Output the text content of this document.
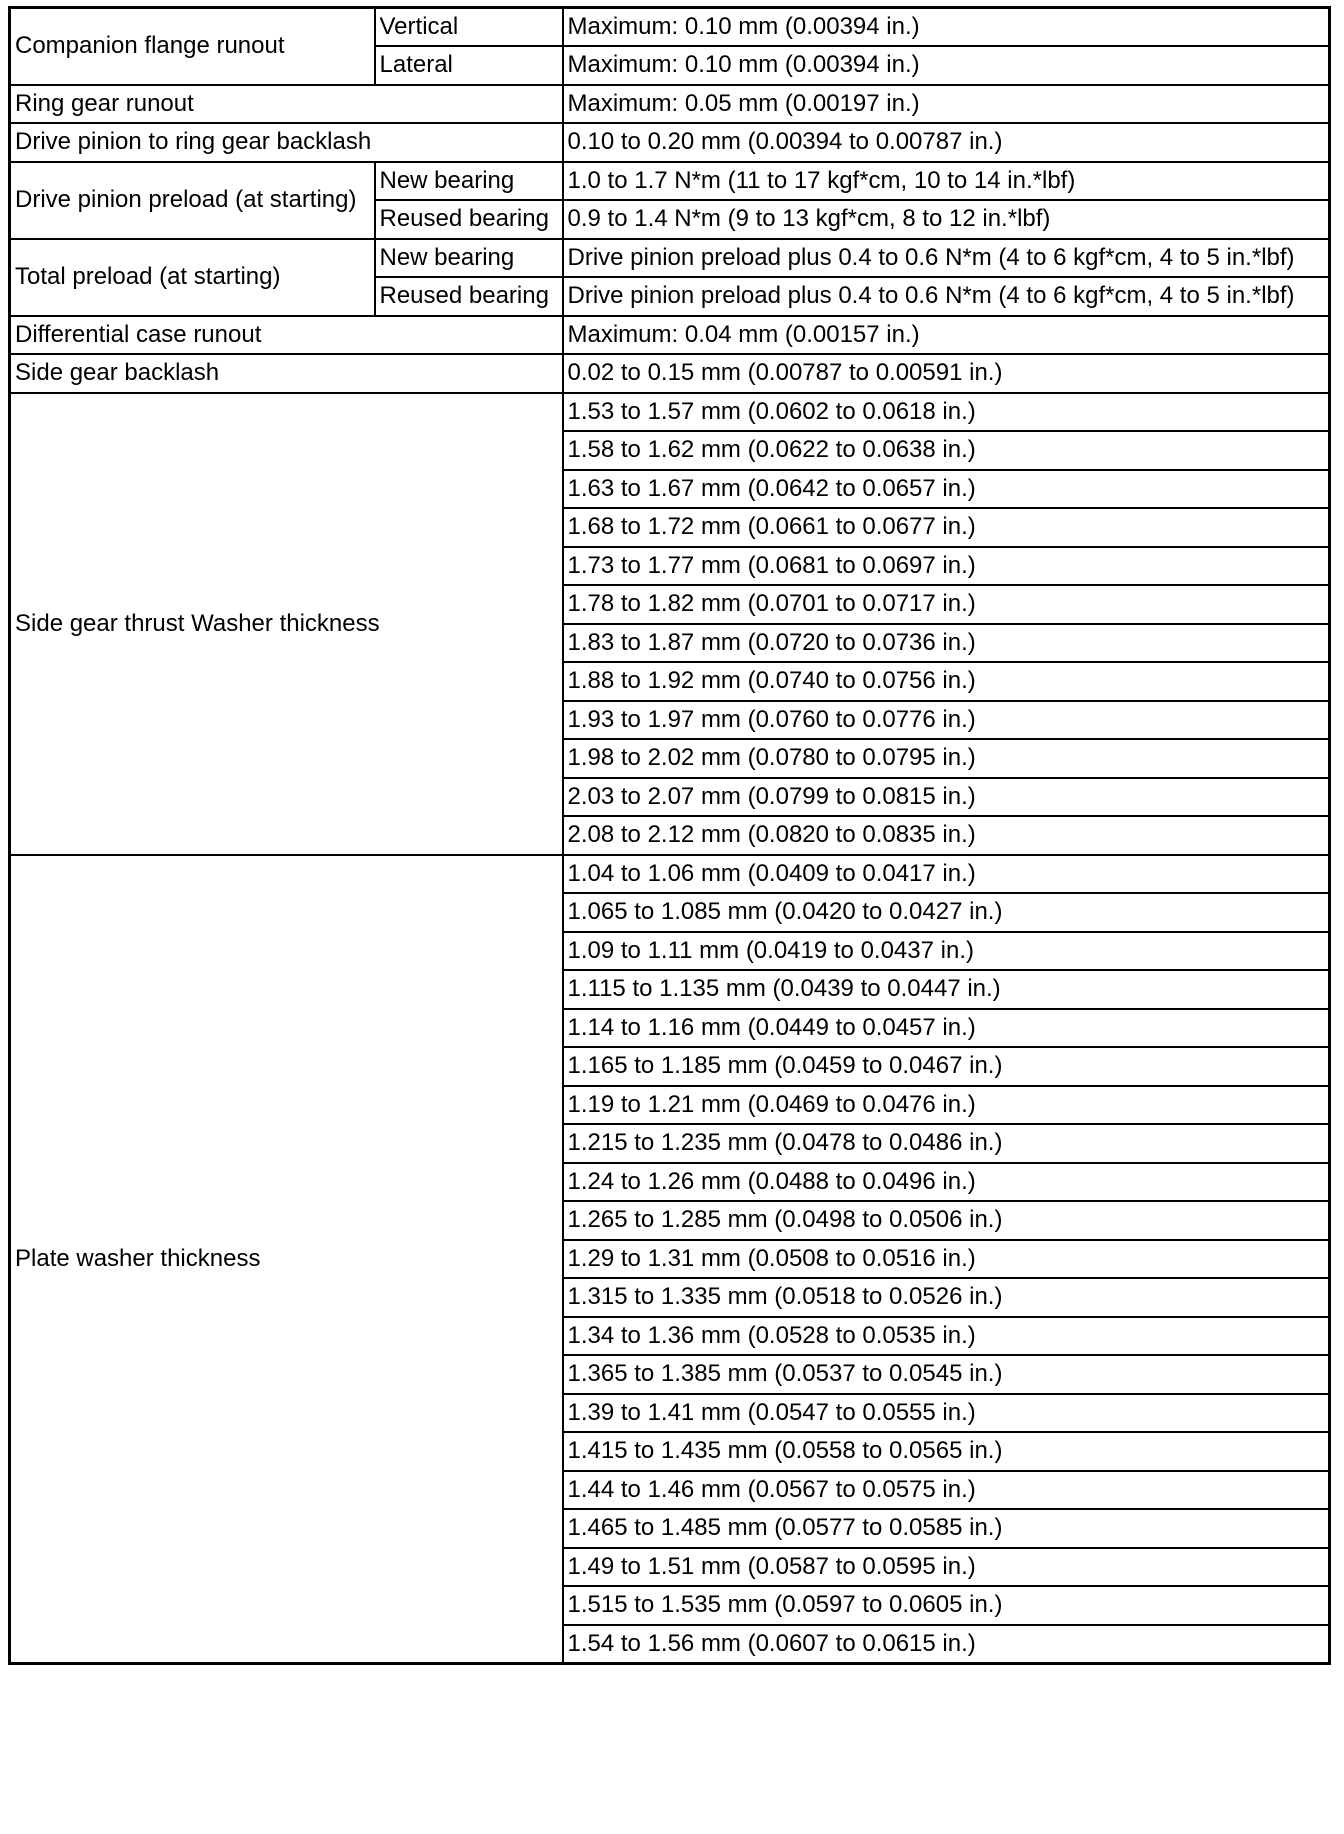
Companion flange runout	Vertical	Maximum: 0.10 mm (0.00394 in.)
	Lateral	Maximum: 0.10 mm (0.00394 in.)
Ring gear runout		Maximum: 0.05 mm (0.00197 in.)
Drive pinion to ring gear backlash		0.10 to 0.20 mm (0.00394 to 0.00787 in.)
Drive pinion preload (at starting)	New bearing	1.0 to 1.7 N*m (11 to 17 kgf*cm, 10 to 14 in.*lbf)
	Reused bearing	0.9 to 1.4 N*m (9 to 13 kgf*cm, 8 to 12 in.*lbf)
Total preload (at starting)	New bearing	Drive pinion preload plus 0.4 to 0.6 N*m (4 to 6 kgf*cm, 4 to 5 in.*lbf)
	Reused bearing	Drive pinion preload plus 0.4 to 0.6 N*m (4 to 6 kgf*cm, 4 to 5 in.*lbf)
Differential case runout		Maximum: 0.04 mm (0.00157 in.)
Side gear backlash		0.02 to 0.15 mm (0.00787 to 0.00591 in.)
Side gear thrust Washer thickness		1.53 to 1.57 mm (0.0602 to 0.0618 in.)
		1.58 to 1.62 mm (0.0622 to 0.0638 in.)
		1.63 to 1.67 mm (0.0642 to 0.0657 in.)
		1.68 to 1.72 mm (0.0661 to 0.0677 in.)
		1.73 to 1.77 mm (0.0681 to 0.0697 in.)
		1.78 to 1.82 mm (0.0701 to 0.0717 in.)
		1.83 to 1.87 mm (0.0720 to 0.0736 in.)
		1.88 to 1.92 mm (0.0740 to 0.0756 in.)
		1.93 to 1.97 mm (0.0760 to 0.0776 in.)
		1.98 to 2.02 mm (0.0780 to 0.0795 in.)
		2.03 to 2.07 mm (0.0799 to 0.0815 in.)
		2.08 to 2.12 mm (0.0820 to 0.0835 in.)
Plate washer thickness		1.04 to 1.06 mm (0.0409 to 0.0417 in.)
		1.065 to 1.085 mm (0.0420 to 0.0427 in.)
		1.09 to 1.11 mm (0.0419 to 0.0437 in.)
		1.115 to 1.135 mm (0.0439 to 0.0447 in.)
		1.14 to 1.16 mm (0.0449 to 0.0457 in.)
		1.165 to 1.185 mm (0.0459 to 0.0467 in.)
		1.19 to 1.21 mm (0.0469 to 0.0476 in.)
		1.215 to 1.235 mm (0.0478 to 0.0486 in.)
		1.24 to 1.26 mm (0.0488 to 0.0496 in.)
		1.265 to 1.285 mm (0.0498 to 0.0506 in.)
		1.29 to 1.31 mm (0.0508 to 0.0516 in.)
		1.315 to 1.335 mm (0.0518 to 0.0526 in.)
		1.34 to 1.36 mm (0.0528 to 0.0535 in.)
		1.365 to 1.385 mm (0.0537 to 0.0545 in.)
		1.39 to 1.41 mm (0.0547 to 0.0555 in.)
		1.415 to 1.435 mm (0.0558 to 0.0565 in.)
		1.44 to 1.46 mm (0.0567 to 0.0575 in.)
		1.465 to 1.485 mm (0.0577 to 0.0585 in.)
		1.49 to 1.51 mm (0.0587 to 0.0595 in.)
		1.515 to 1.535 mm (0.0597 to 0.0605 in.)
		1.54 to 1.56 mm (0.0607 to 0.0615 in.)
